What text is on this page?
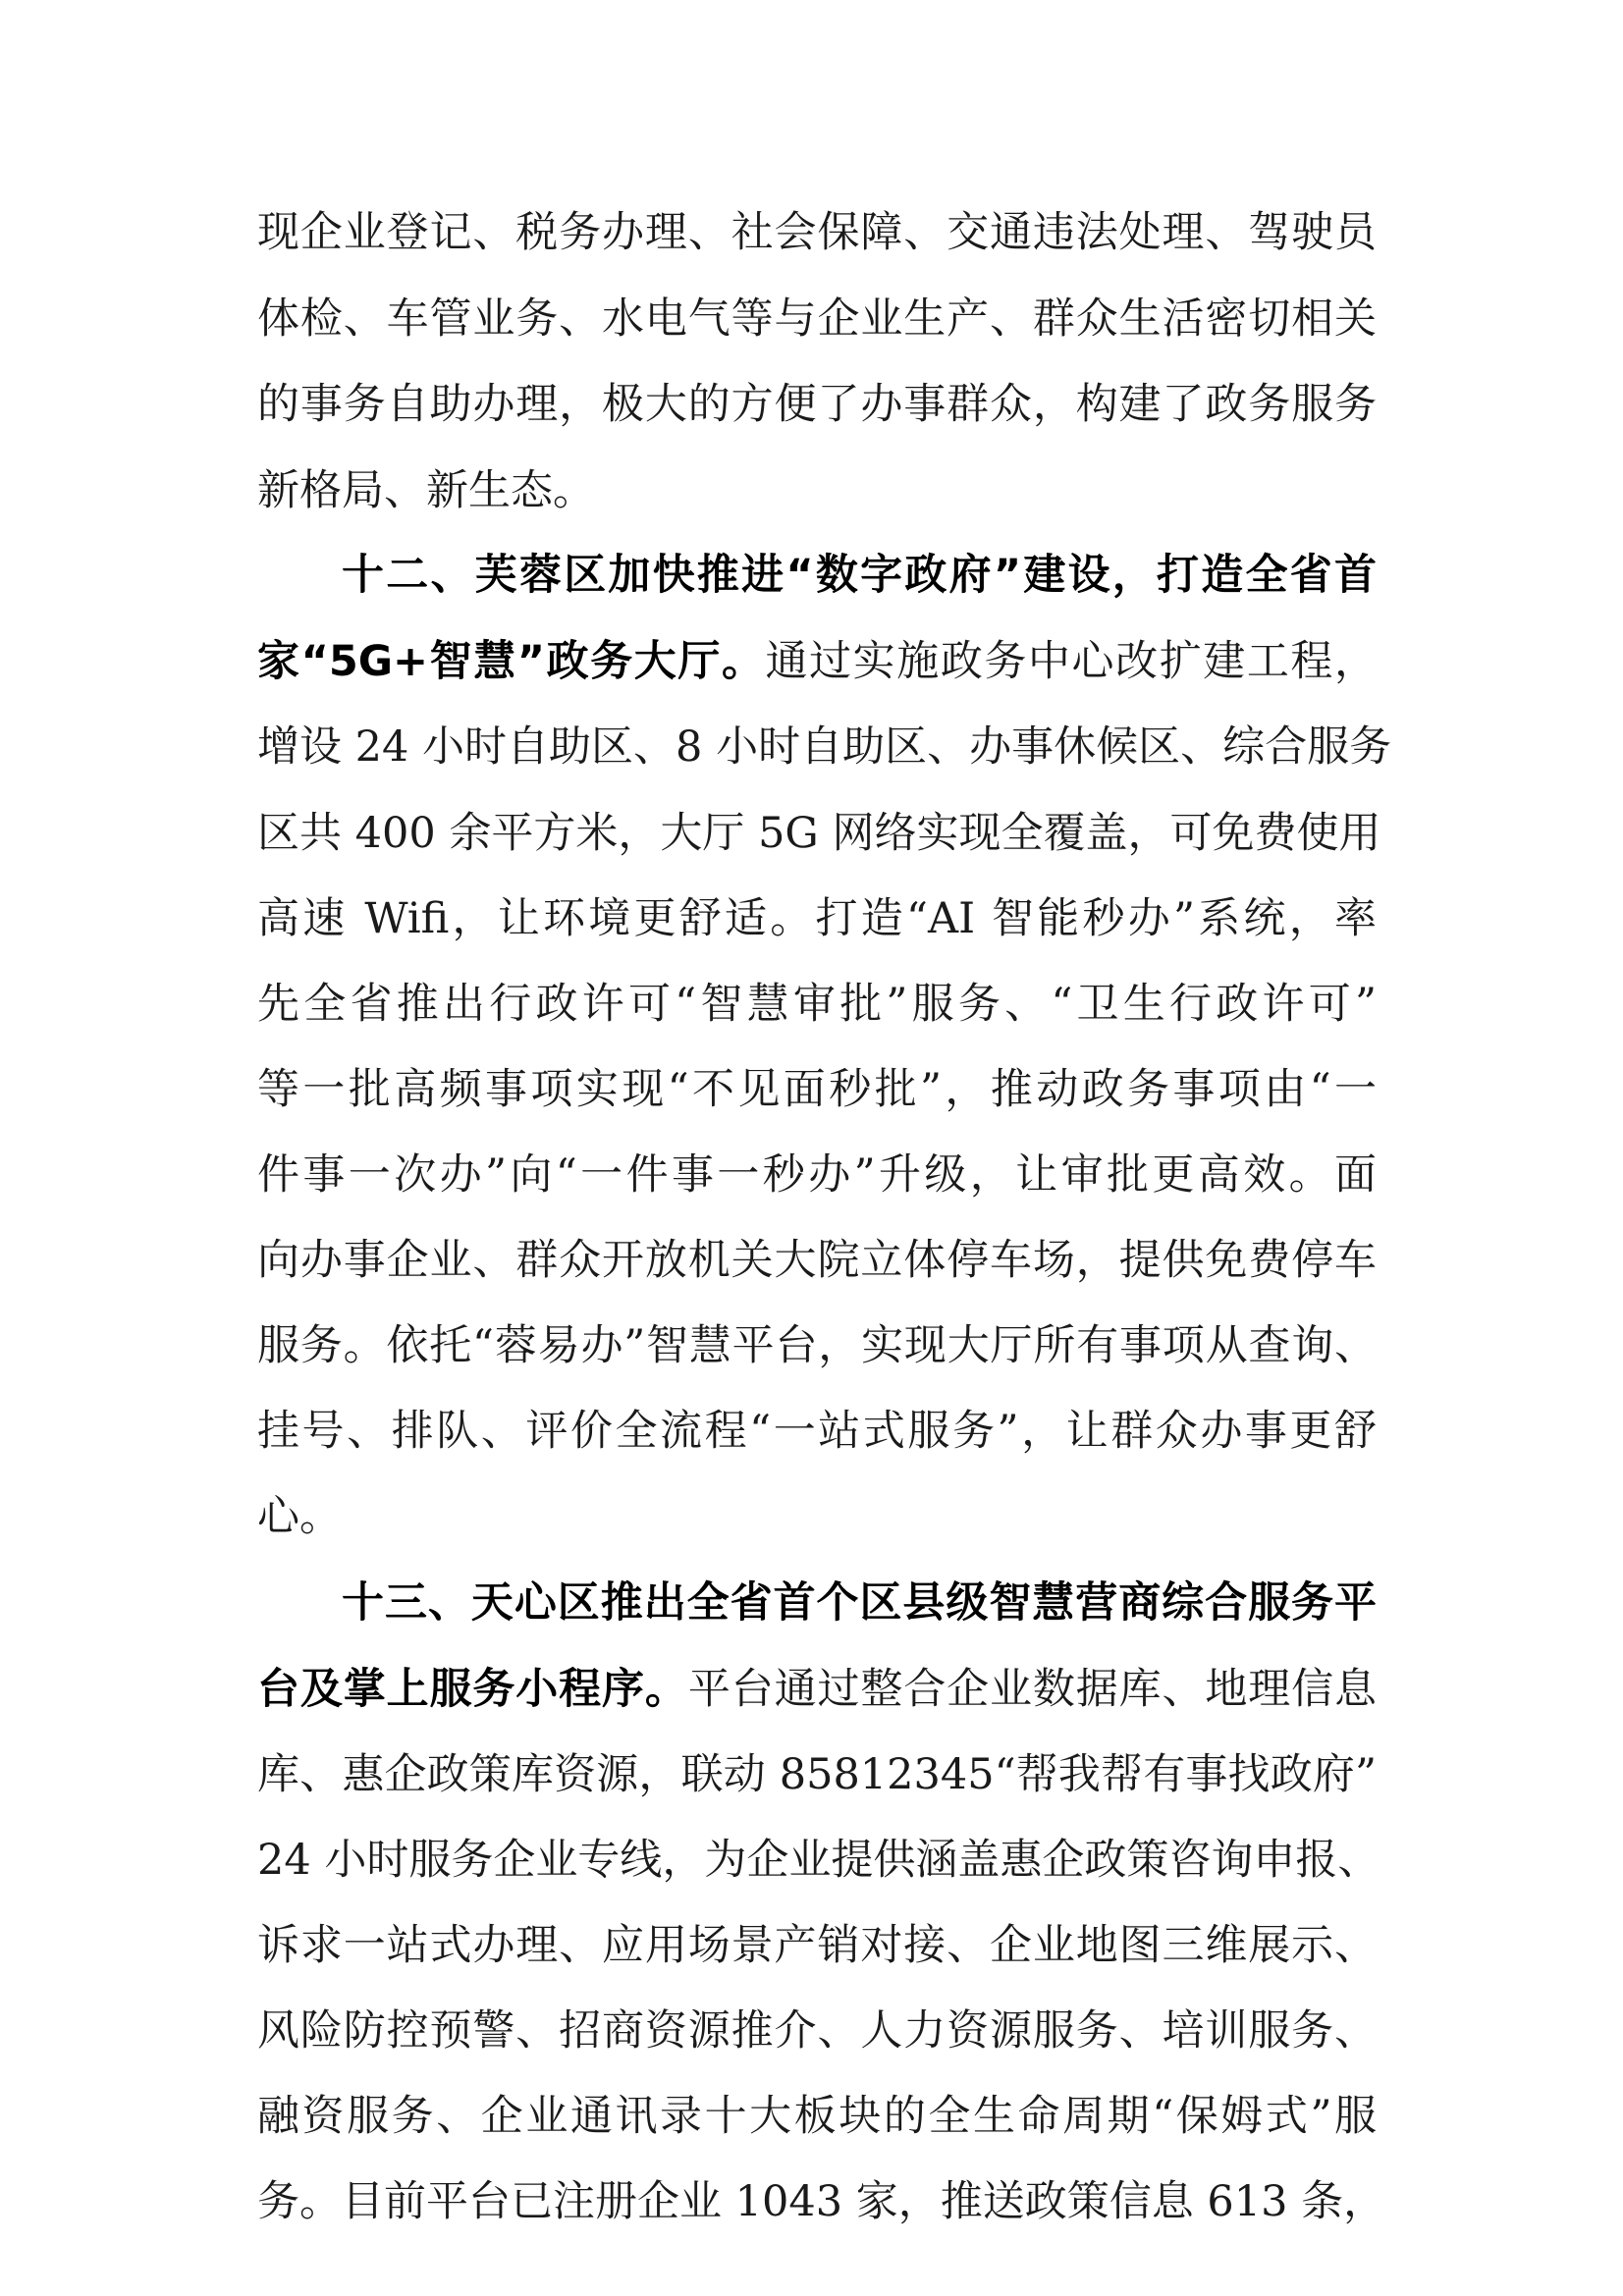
现企业登记、税务办理、社会保障、交通违法处理、驾驶员
体检、车管业务、水电气等与企业生产、群众生活密切相关
的事务自助办理，极大的方便了办事群众，构建了政务服务
新格局、新生态。
十二、芙蓉区加快推进“数字政府”建设，打造全省首
家“5G+智慧”政务大厅。通过实施政务中心改扩建工程，
增设 24 小时自助区、8 小时自助区、办事休候区、综合服务
区共 400 余平方米，大厅 5G 网络实现全覆盖，可免费使用
高速 Wifi，让环境更舒适。打造“AI 智能秒办”系统，率
先全省推出行政许可“智慧审批”服务、“卫生行政许可”
等一批高频事项实现“不见面秒批”，推动政务事项由“一
件事一次办”向“一件事一秒办”升级，让审批更高效。面
向办事企业、群众开放机关大院立体停车场，提供免费停车
服务。依托“蓉易办”智慧平台，实现大厅所有事项从查询、
挂号、排队、评价全流程“一站式服务”，让群众办事更舒
心。
十三、天心区推出全省首个区县级智慧营商综合服务平
台及掌上服务小程序。平台通过整合企业数据库、地理信息
库、惠企政策库资源，联动 85812345“帮我帮有事找政府”
24 小时服务企业专线，为企业提供涵盖惠企政策咨询申报、
诉求一站式办理、应用场景产销对接、企业地图三维展示、
风险防控预警、招商资源推介、人力资源服务、培训服务、
融资服务、企业通讯录十大板块的全生命周期“保姆式”服
务。目前平台已注册企业 1043 家，推送政策信息 613 条，
